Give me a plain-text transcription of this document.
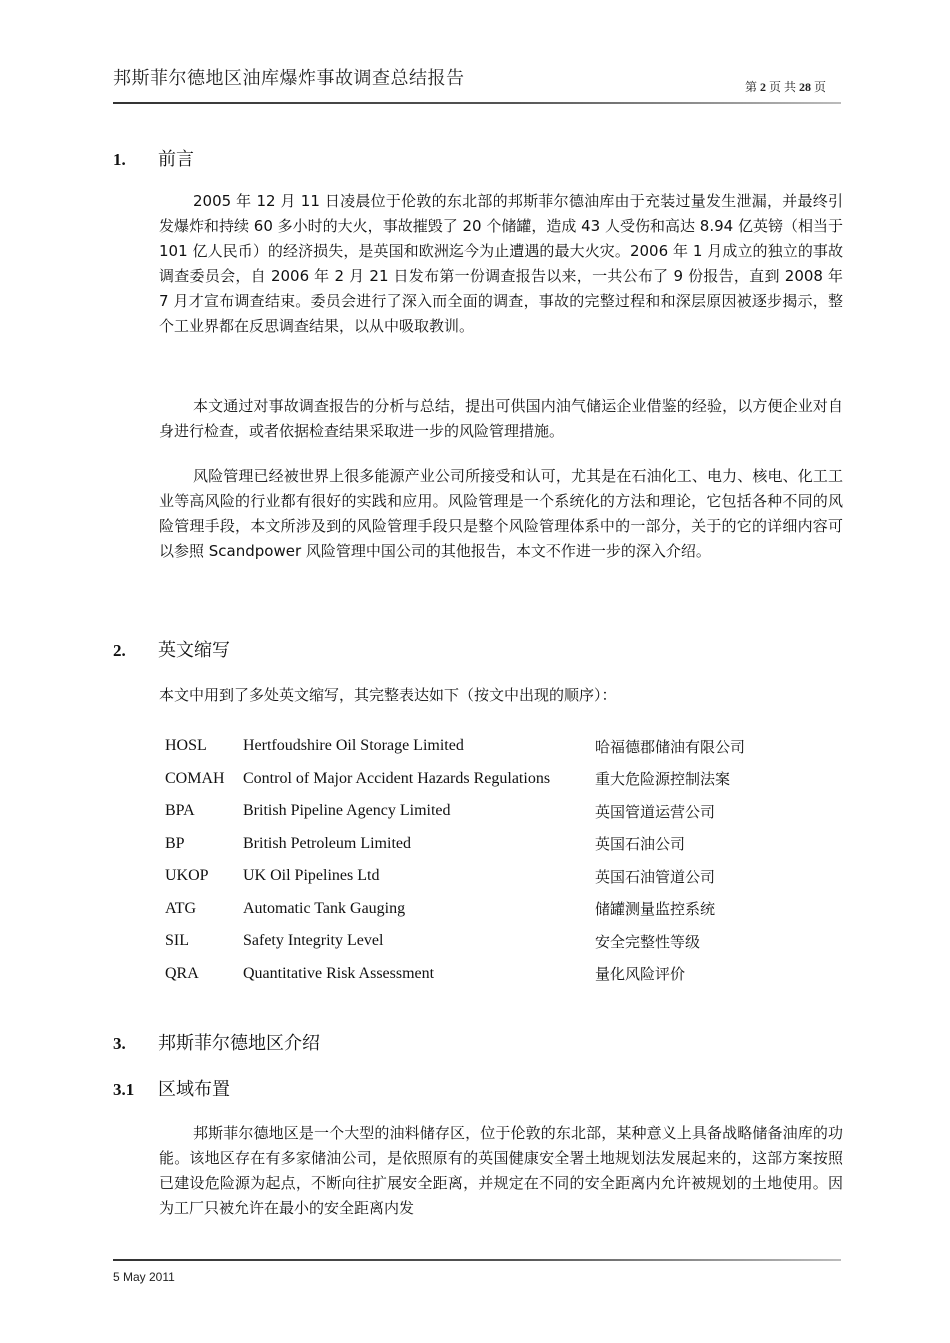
邦斯菲尔德地区油库爆炸事故调查总结报告	第 2 页 共 28 页
1. 前言

2005 年 12 月 11 日凌晨位于伦敦的东北部的邦斯菲尔德油库由于充装过量发生泄漏，并最终引发爆炸和持续 60 多小时的大火，事故摧毁了 20 个储罐，造成 43 人受伤和高达 8.94 亿英镑（相当于 101 亿人民币）的经济损失，是英国和欧洲迄今为止遭遇的最大火灾。2006 年 1 月成立的独立的事故调查委员会，自 2006 年 2 月 21 日发布第一份调查报告以来，一共公布了 9 份报告，直到 2008 年 7 月才宣布调查结束。委员会进行了深入而全面的调查，事故的完整过程和和深层原因被逐步揭示，整个工业界都在反思调查结果，以从中吸取教训。

本文通过对事故调查报告的分析与总结，提出可供国内油气储运企业借鉴的经验，以方便企业对自身进行检查，或者依据检查结果采取进一步的风险管理措施。

风险管理已经被世界上很多能源产业公司所接受和认可，尤其是在石油化工、电力、核电、化工工业等高风险的行业都有很好的实践和应用。风险管理是一个系统化的方法和理论，它包括各种不同的风险管理手段，本文所涉及到的风险管理手段只是整个风险管理体系中的一部分，关于的它的详细内容可以参照 Scandpower 风险管理中国公司的其他报告，本文不作进一步的深入介绍。

2. 英文缩写

本文中用到了多处英文缩写，其完整表达如下（按文中出现的顺序）：

HOSL	Hertfoudshire Oil Storage Limited	哈福德郡储油有限公司
COMAH	Control of Major Accident Hazards Regulations	重大危险源控制法案
BPA	British Pipeline Agency Limited	英国管道运营公司
BP	British Petroleum Limited	英国石油公司
UKOP	UK Oil Pipelines Ltd	英国石油管道公司
ATG	Automatic Tank Gauging	储罐测量监控系统
SIL	Safety Integrity Level	安全完整性等级
QRA	Quantitative Risk Assessment	量化风险评价
3. 邦斯菲尔德地区介绍
3.1 区域布置

邦斯菲尔德地区是一个大型的油料储存区，位于伦敦的东北部，某种意义上具备战略储备油库的功能。该地区存在有多家储油公司，是依照原有的英国健康安全署土地规划法发展起来的，这部方案按照已建设危险源为起点，不断向往扩展安全距离，并规定在不同的安全距离内允许被规划的土地使用。因为工厂只被允许在最小的安全距离内发

5 May 2011
